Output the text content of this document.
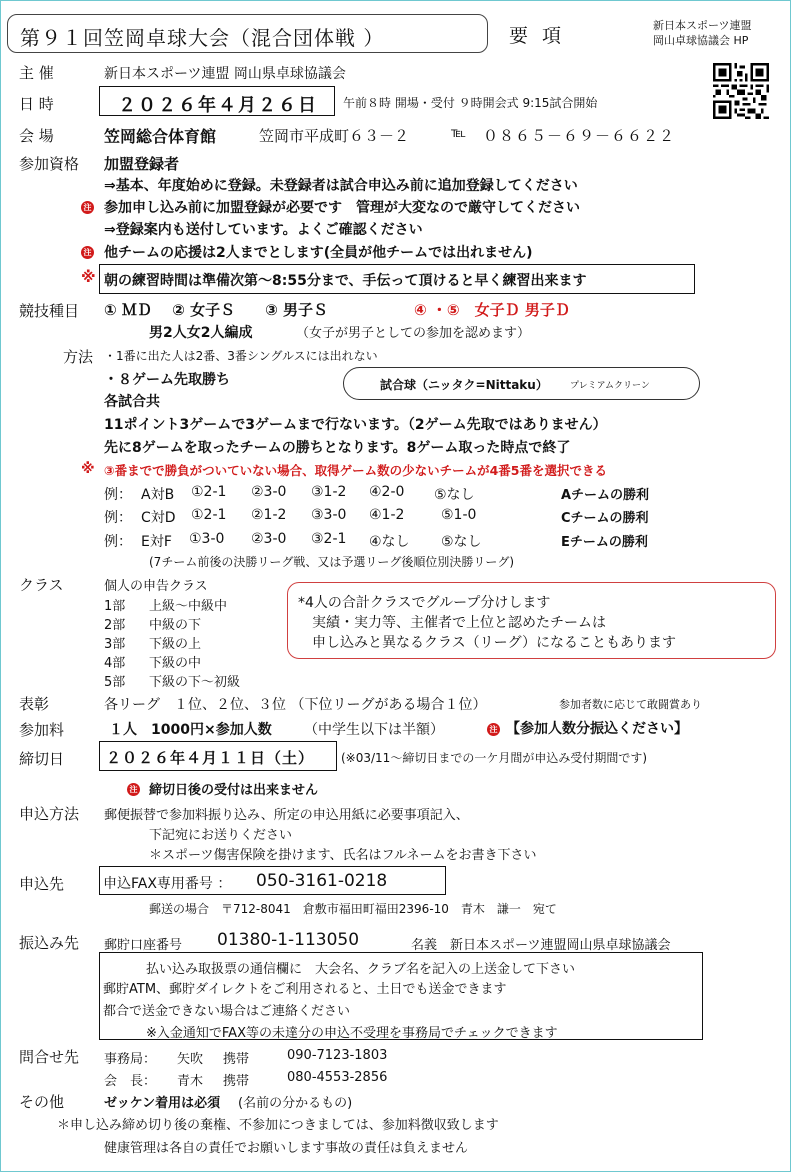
第９１回笠岡卓球大会（混合団体戦 ）	要 項	新日本スポーツ連盟
岡山卓球協議会 HP
主 催	新日本スポーツ連盟 岡山県卓球協議会
日 時	２０２６年４月２６日 午前８時 開場・受付 ９時開会式 9:15試合開始
会 場	笠岡総合体育館	笠岡市平成町６３－２	℡ ０８６５－６９－６６２２
参加資格 加盟登録者
⇒基本、年度始めに登録。未登録者は試合申込み前に追加登録してください
注 参加申し込み前に加盟登録が必要です　管理が大変なので厳守してください
⇒登録案内も送付しています。よくご確認ください
注 他チームの応援は2人までとします(全員が他チームでは出れません)
※ 朝の練習時間は準備次第～8:55分まで、手伝って頂けると早く練習出来ます
競技種目 ① ＭＤ　 ② 女子Ｓ　　③ 男子Ｓ	④ ・⑤　女子Ｄ 男子Ｄ
男2人女2人編成	（女子が男子としての参加を認めます）
方法 ・1番に出た人は2番、3番シングルスには出れない
・８ゲーム先取勝ち	試合球（ニッタク=Nittaku） プレミアムクリーン
各試合共
11ポイント3ゲームで3ゲームまで行ないます。（2ゲーム先取ではありません）
先に8ゲームを取ったチームの勝ちとなります。8ゲーム取った時点で終了
※ ③番までで勝負がついていない場合、取得ゲーム数の少ないチームが4番5番を選択できる
例： A対B ①2-1 ②3-0 ③1-2 ④2-0 ⑤なし	Aチームの勝利
例： C対D ①2-1 ②1-2 ③3-0 ④1-2	⑤1-0	Cチームの勝利
例： E対F ①3-0 ②3-0 ③2-1 ④なし ⑤なし	Eチームの勝利
(7チーム前後の決勝リーグ戦、又は予選リーグ後順位別決勝リーグ)
クラス	個人の申告クラス
1部 上級～中級中
2部 中級の下
3部 下級の上
4部 下級の中
5部 下級の下～初級
*4人の合計クラスでグループ分けします
実績・実力等、主催者で上位と認めたチームは
申し込みと異なるクラス（リーグ）になることもあります
表彰	各リーグ　１位、２位、３位 （下位リーグがある場合１位）	参加者数に応じて敢闘賞あり
参加料	１人　1000円×参加人数 （中学生以下は半額）	注 【参加人数分振込ください】
締切日	２０２６年４月１１日（土） (※03/11～締切日までの一ケ月間が申込み受付期間です)
注 締切日後の受付は出来ません
申込方法 郵便振替で参加料振り込み、所定の申込用紙に必要事項記入、
下記宛にお送りください
＊スポーツ傷害保険を掛けます、氏名はフルネームをお書き下さい
申込先	申込FAX専用番号 ： 050-3161-0218
郵送の場合　〒712-8041　倉敷市福田町福田2396-10　青木　謙一　宛て
振込み先 郵貯口座番号 01380-1-113050	名義　新日本スポーツ連盟岡山県卓球協議会
払い込み取扱票の通信欄に　大会名、クラブ名を記入の上送金して下さい
郵貯ATM、郵貯ダイレクトをご利用されると、土日でも送金できます
都合で送金できない場合はご連絡ください
※入金通知でFAX等の未達分の申込不受理を事務局でチェックできます
問合せ先 事務局： 矢吹 携帯	090-7123-1803
会　長： 青木 携帯	080-4553-2856
その他	ゼッケン着用は必須 (名前の分かるもの)
＊申し込み締め切り後の棄権、不参加につきましては、参加料徴収致します
健康管理は各自の責任でお願いします事故の責任は負えません
